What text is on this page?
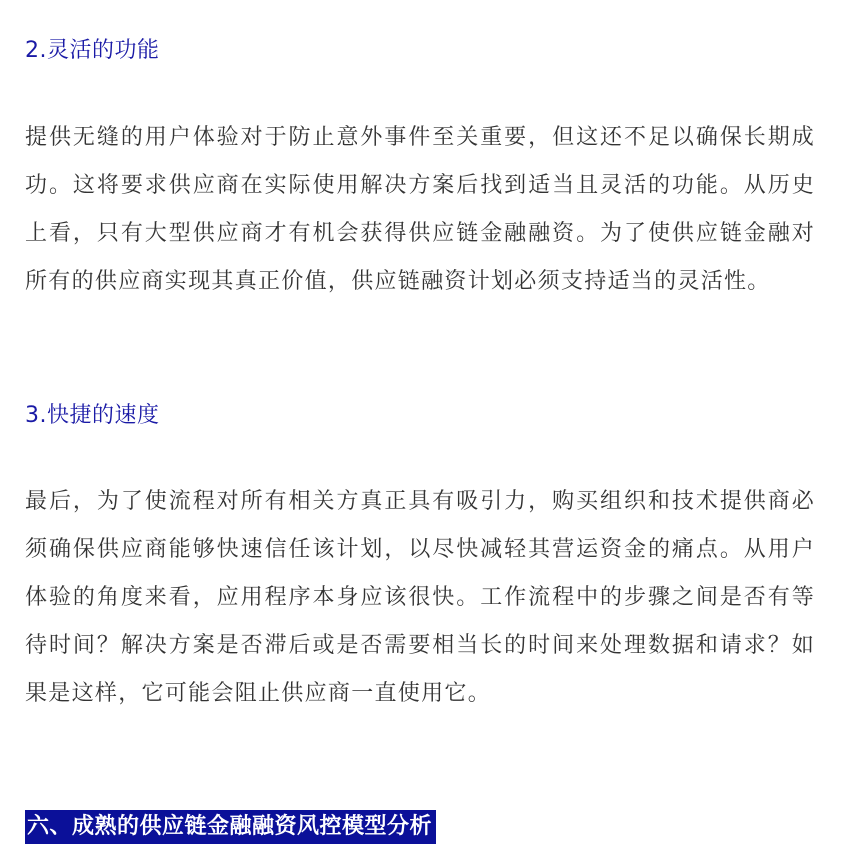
2.灵活的功能
提供无缝的用户体验对于防止意外事件至关重要，但这还不足以确保长期成功。这将要求供应商在实际使用解决方案后找到适当且灵活的功能。从历史上看，只有大型供应商才有机会获得供应链金融融资。为了使供应链金融对所有的供应商实现其真正价值，供应链融资计划必须支持适当的灵活性。
3.快捷的速度
最后，为了使流程对所有相关方真正具有吸引力，购买组织和技术提供商必须确保供应商能够快速信任该计划，以尽快减轻其营运资金的痛点。从用户体验的角度来看，应用程序本身应该很快。工作流程中的步骤之间是否有等待时间？解决方案是否滞后或是否需要相当长的时间来处理数据和请求？如果是这样，它可能会阻止供应商一直使用它。
六、成熟的供应链金融融资风控模型分析
